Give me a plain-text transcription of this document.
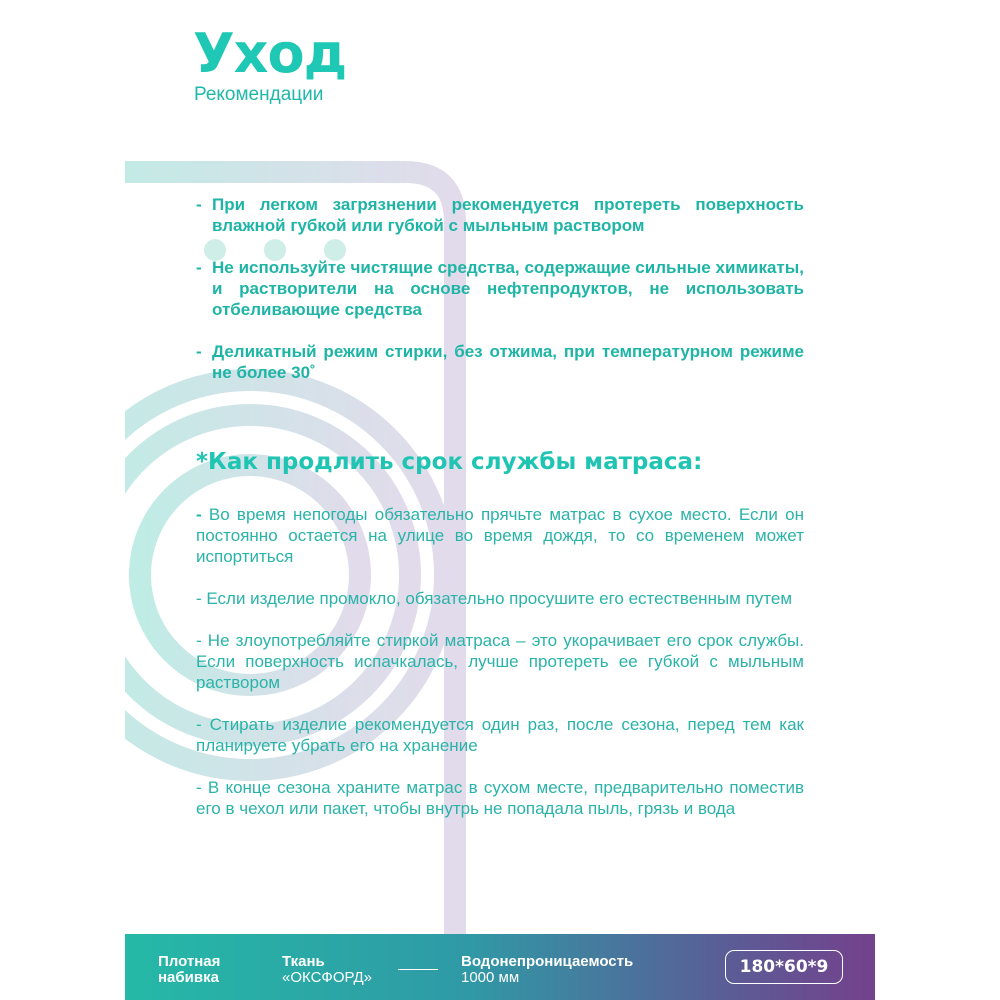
Уход
Рекомендации
- При легком загрязнении рекомендуется протереть поверхность влажной губкой или губкой с мыльным раствором
- Не используйте чистящие средства, содержащие сильные химикаты, и растворители на основе нефтепродуктов, не использовать отбеливающие средства
- Деликатный режим стирки, без отжима, при температурном режиме не более 30˚
*Как продлить срок службы матраса:
- Во время непогоды обязательно прячьте матрас в сухое место. Если он постоянно остается на улице во время дождя, то со временем может испортиться
- Если изделие промокло, обязательно просушите его естественным путем
- Не злоупотребляйте стиркой матраса – это укорачивает его срок службы. Если поверхность испачкалась, лучше протереть ее губкой с мыльным раствором
- Стирать изделие рекомендуется один раз, после сезона, перед тем как планируете убрать его на хранение
- В конце сезона храните матрас в сухом месте, предварительно поместив его в чехол или пакет, чтобы внутрь не попадала пыль, грязь и вода
Плотная набивка
Ткань
«ОКСФОРД»
Водонепроницаемость
1000 мм
180*60*9
